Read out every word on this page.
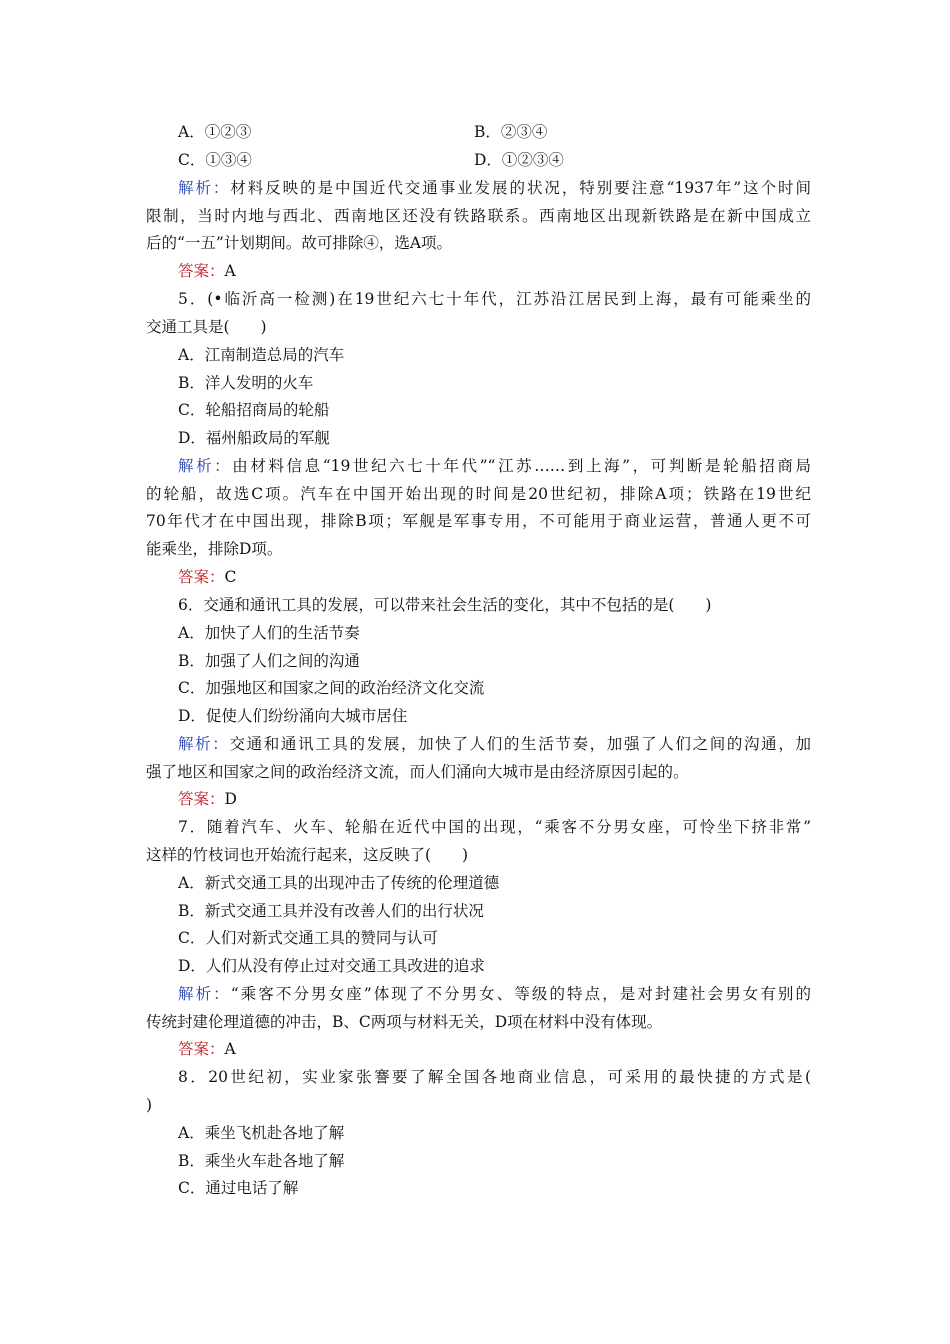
A．①②③	B．②③④
C．①③④	D．①②③④
解析：材料反映的是中国近代交通事业发展的状况，特别要注意“1937年”这个时间
限制，当时内地与西北、西南地区还没有铁路联系。西南地区出现新铁路是在新中国成立
后的“一五”计划期间。故可排除④，选A项。
答案：A
5．(•临沂高一检测)在19世纪六七十年代，江苏沿江居民到上海，最有可能乘坐的
交通工具是(　　)
A．江南制造总局的汽车
B．洋人发明的火车
C．轮船招商局的轮船
D．福州船政局的军舰
解析：由材料信息“19世纪六七十年代”“江苏……到上海”，可判断是轮船招商局
的轮船，故选C项。汽车在中国开始出现的时间是20世纪初，排除A项；铁路在19世纪
70年代才在中国出现，排除B项；军舰是军事专用，不可能用于商业运营，普通人更不可
能乘坐，排除D项。
答案：C
6．交通和通讯工具的发展，可以带来社会生活的变化，其中不包括的是(　　)
A．加快了人们的生活节奏
B．加强了人们之间的沟通
C．加强地区和国家之间的政治经济文化交流
D．促使人们纷纷涌向大城市居住
解析：交通和通讯工具的发展，加快了人们的生活节奏，加强了人们之间的沟通，加
强了地区和国家之间的政治经济文流，而人们涌向大城市是由经济原因引起的。
答案：D
7．随着汽车、火车、轮船在近代中国的出现，“乘客不分男女座，可怜坐下挤非常”
这样的竹枝词也开始流行起来，这反映了(　　)
A．新式交通工具的出现冲击了传统的伦理道德
B．新式交通工具并没有改善人们的出行状况
C．人们对新式交通工具的赞同与认可
D．人们从没有停止过对交通工具改进的追求
解析：“乘客不分男女座”体现了不分男女、等级的特点，是对封建社会男女有别的
传统封建伦理道德的冲击，B、C两项与材料无关，D项在材料中没有体现。
答案：A
8．20世纪初，实业家张謇要了解全国各地商业信息，可采用的最快捷的方式是(
)
A．乘坐飞机赴各地了解
B．乘坐火车赴各地了解
C．通过电话了解
